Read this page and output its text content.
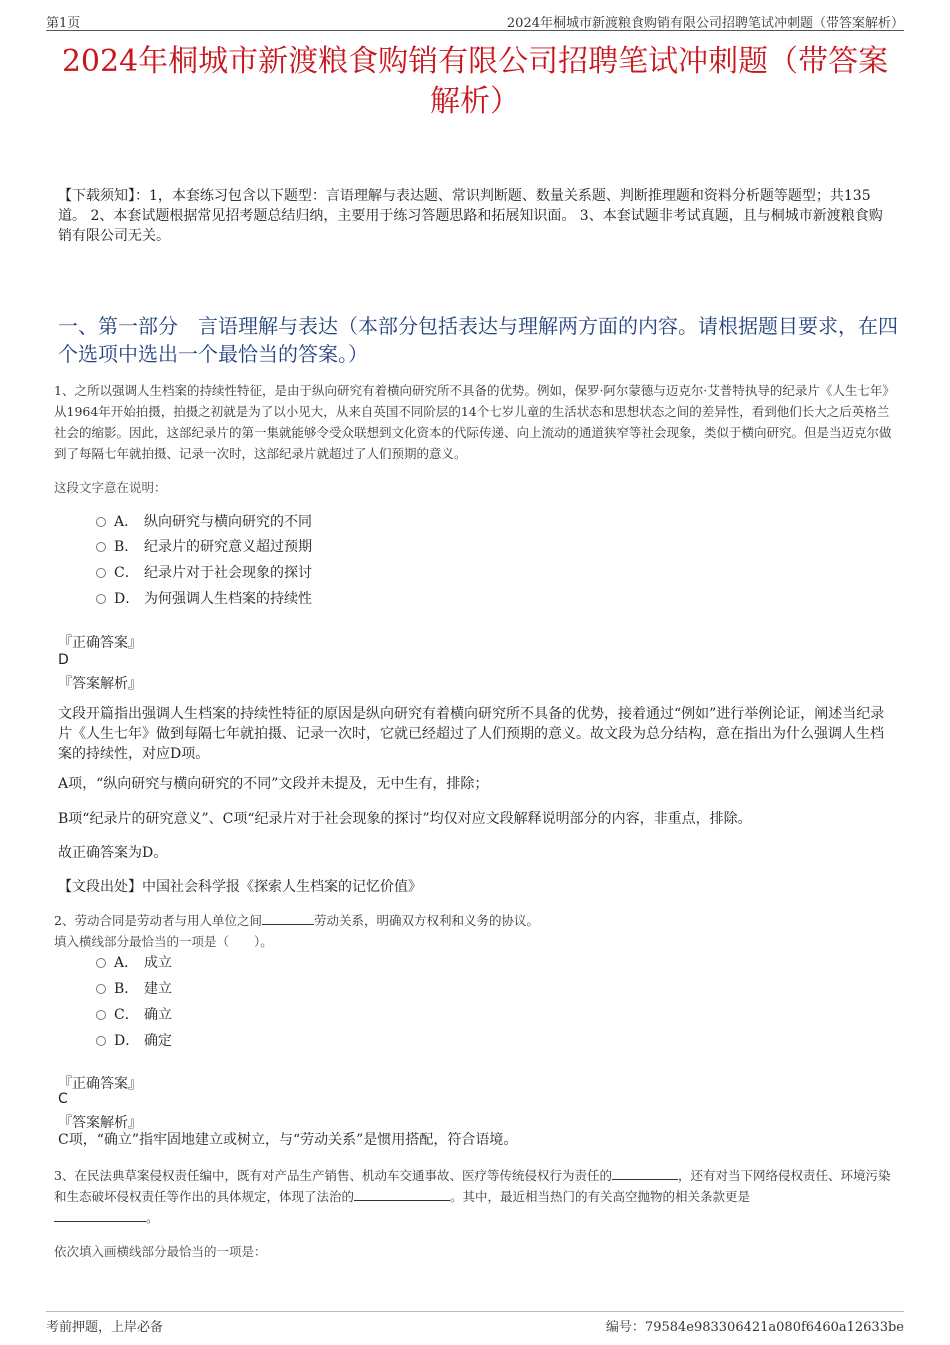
第1页	2024年桐城市新渡粮食购销有限公司招聘笔试冲刺题（带答案解析）
2024年桐城市新渡粮食购销有限公司招聘笔试冲刺题（带答案
解析）
【下载须知】：1，本套练习包含以下题型：言语理解与表达题、常识判断题、数量关系题、判断推理题和资料分析题等题型；共135道。 2、本套试题根据常见招考题总结归纳，主要用于练习答题思路和拓展知识面。 3、本套试题非考试真题，且与桐城市新渡粮食购销有限公司无关。
一、第一部分　言语理解与表达（本部分包括表达与理解两方面的内容。请根据题目要求，在四个选项中选出一个最恰当的答案。）
1、之所以强调人生档案的持续性特征，是由于纵向研究有着横向研究所不具备的优势。例如，保罗·阿尔蒙德与迈克尔·艾普特执导的纪录片《人生七年》从1964年开始拍摄，拍摄之初就是为了以小见大，从来自英国不同阶层的14个七岁儿童的生活状态和思想状态之间的差异性，看到他们长大之后英格兰社会的缩影。因此，这部纪录片的第一集就能够令受众联想到文化资本的代际传递、向上流动的通道狭窄等社会现象，类似于横向研究。但是当迈克尔做到了每隔七年就拍摄、记录一次时，这部纪录片就超过了人们预期的意义。
这段文字意在说明：
A． 纵向研究与横向研究的不同
B． 纪录片的研究意义超过预期
C． 纪录片对于社会现象的探讨
D． 为何强调人生档案的持续性
『正确答案』
D
『答案解析』
文段开篇指出强调人生档案的持续性特征的原因是纵向研究有着横向研究所不具备的优势，接着通过“例如”进行举例论证，阐述当纪录片《人生七年》做到每隔七年就拍摄、记录一次时，它就已经超过了人们预期的意义。故文段为总分结构，意在指出为什么强调人生档案的持续性，对应D项。
A项，“纵向研究与横向研究的不同”文段并未提及，无中生有，排除；
B项“纪录片的研究意义”、C项“纪录片对于社会现象的探讨”均仅对应文段解释说明部分的内容，非重点，排除。
故正确答案为D。
【文段出处】中国社会科学报《探索人生档案的记忆价值》
2、劳动合同是劳动者与用人单位之间	劳动关系，明确双方权利和义务的协议。
填入横线部分最恰当的一项是（　　）。
A． 成立
B． 建立
C． 确立
D． 确定
『正确答案』
C
『答案解析』
C项，“确立”指牢固地建立或树立，与“劳动关系”是惯用搭配，符合语境。
3、在民法典草案侵权责任编中，既有对产品生产销售、机动车交通事故、医疗等传统侵权行为责任的	，还有对当下网络侵权责任、环境污染和生态破坏侵权责任等作出的具体规定，体现了法治的	。其中，最近相当热门的有关高空抛物的相关条款更是
。
依次填入画横线部分最恰当的一项是：
考前押题，上岸必备	编号：79584e983306421a080f6460a12633be
